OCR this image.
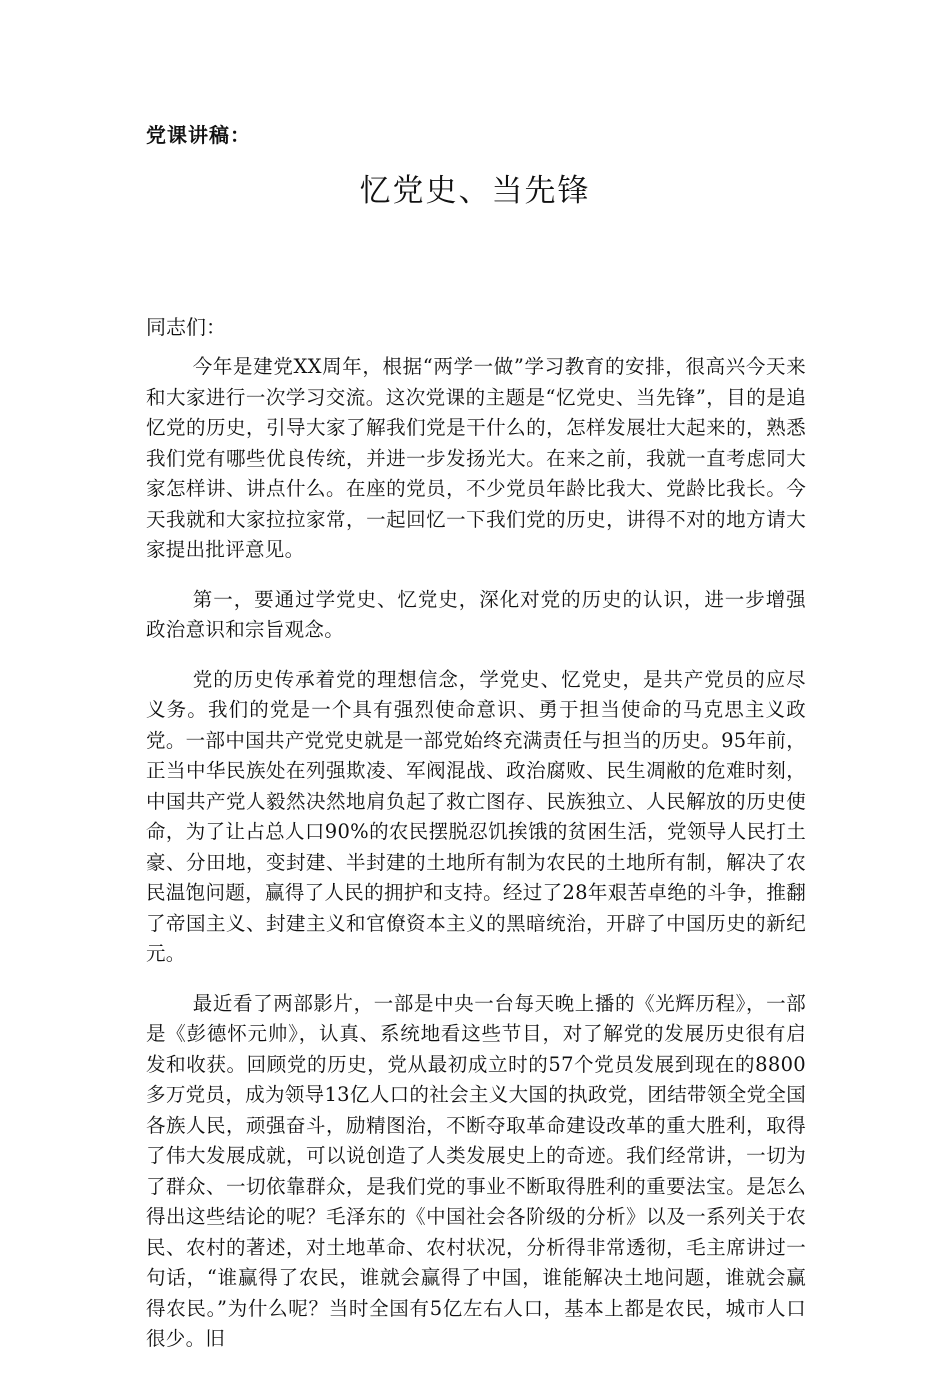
党课讲稿：
忆党史、当先锋
同志们：

今年是建党XX周年，根据“两学一做”学习教育的安排，很高兴今天来和大家进行一次学习交流。这次党课的主题是“忆党史、当先锋”，目的是追忆党的历史，引导大家了解我们党是干什么的，怎样发展壮大起来的，熟悉我们党有哪些优良传统，并进一步发扬光大。在来之前，我就一直考虑同大家怎样讲、讲点什么。在座的党员，不少党员年龄比我大、党龄比我长。今天我就和大家拉拉家常，一起回忆一下我们党的历史，讲得不对的地方请大家提出批评意见。

第一，要通过学党史、忆党史，深化对党的历史的认识，进一步增强政治意识和宗旨观念。

党的历史传承着党的理想信念，学党史、忆党史，是共产党员的应尽义务。我们的党是一个具有强烈使命意识、勇于担当使命的马克思主义政党。一部中国共产党党史就是一部党始终充满责任与担当的历史。95年前，正当中华民族处在列强欺凌、军阀混战、政治腐败、民生凋敝的危难时刻，中国共产党人毅然决然地肩负起了救亡图存、民族独立、人民解放的历史使命，为了让占总人口90%的农民摆脱忍饥挨饿的贫困生活，党领导人民打土豪、分田地，变封建、半封建的土地所有制为农民的土地所有制，解决了农民温饱问题，赢得了人民的拥护和支持。经过了28年艰苦卓绝的斗争，推翻了帝国主义、封建主义和官僚资本主义的黑暗统治，开辟了中国历史的新纪元。

最近看了两部影片，一部是中央一台每天晚上播的《光辉历程》，一部是《彭德怀元帅》，认真、系统地看这些节目，对了解党的发展历史很有启发和收获。回顾党的历史，党从最初成立时的57个党员发展到现在的8800多万党员，成为领导13亿人口的社会主义大国的执政党，团结带领全党全国各族人民，顽强奋斗，励精图治，不断夺取革命建设改革的重大胜利，取得了伟大发展成就，可以说创造了人类发展史上的奇迹。我们经常讲，一切为了群众、一切依靠群众，是我们党的事业不断取得胜利的重要法宝。是怎么得出这些结论的呢？毛泽东的《中国社会各阶级的分析》以及一系列关于农民、农村的著述，对土地革命、农村状况，分析得非常透彻，毛主席讲过一句话，“谁赢得了农民，谁就会赢得了中国，谁能解决土地问题，谁就会赢得农民。”为什么呢？当时全国有5亿左右人口，基本上都是农民，城市人口很少。旧
